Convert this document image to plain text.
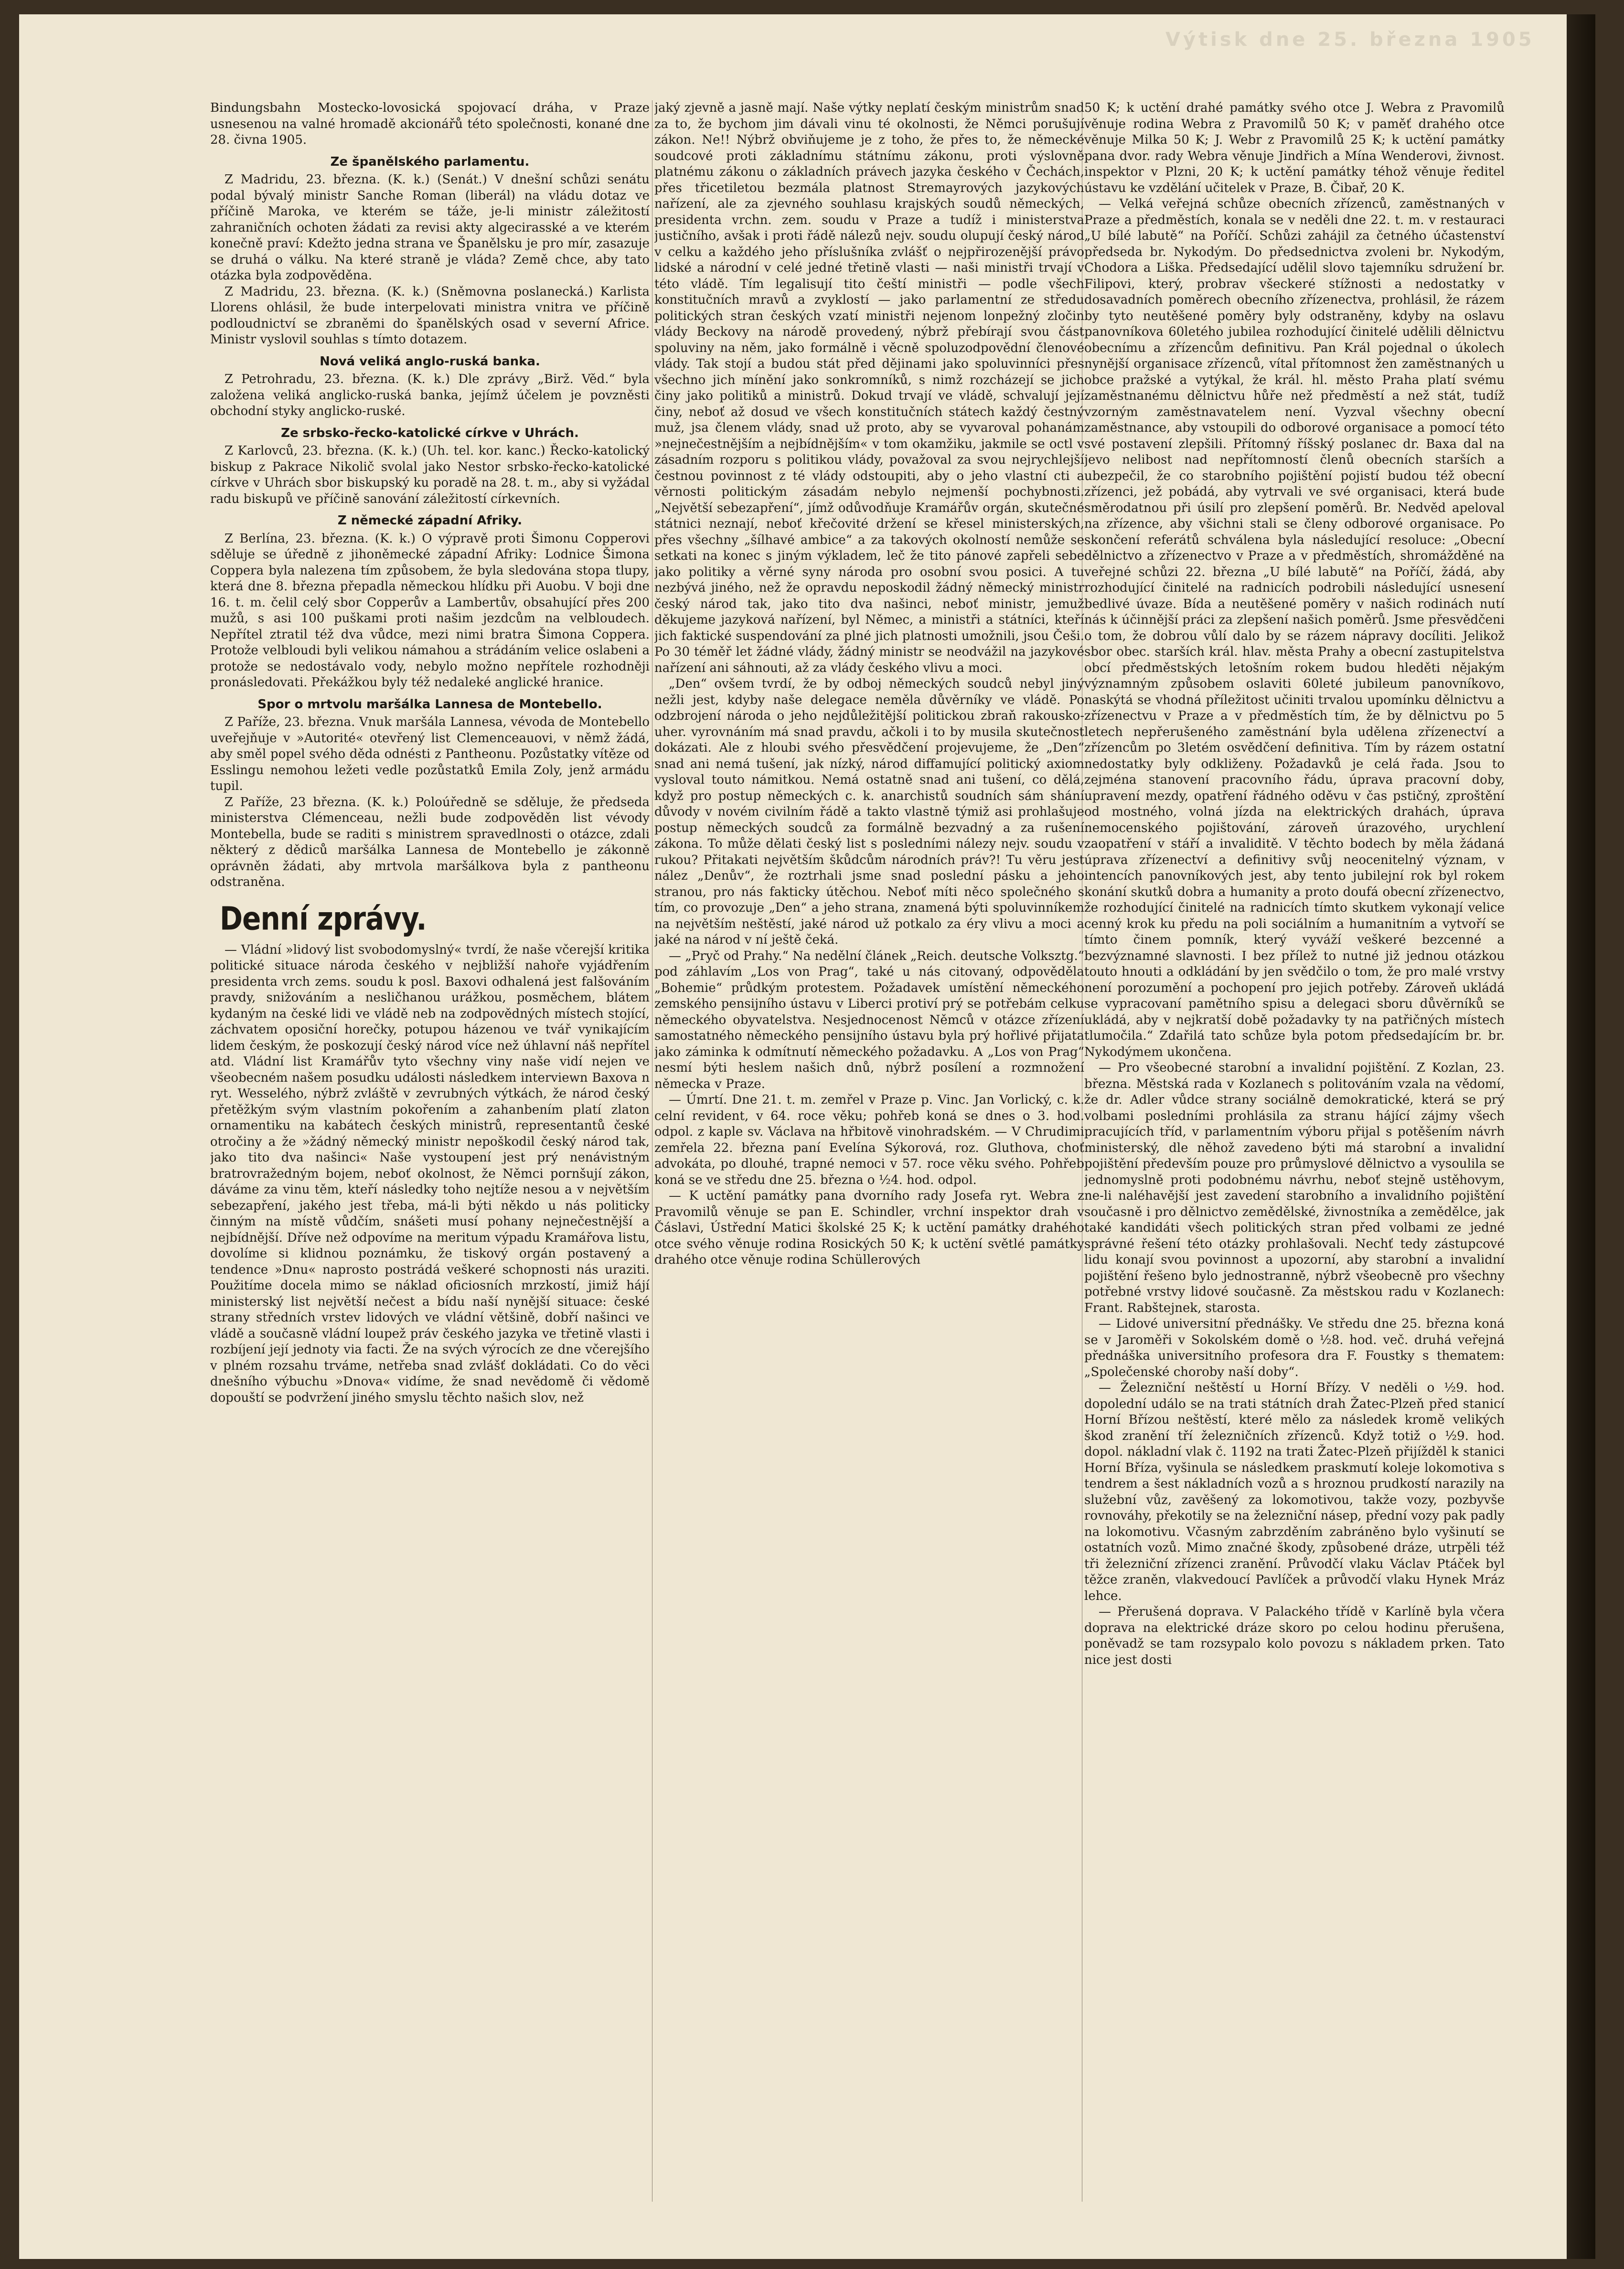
Výtisk dne 25. března 1905

Bindungsbahn Mostecko-lovosická spojovací dráha, v Praze usnesenou na valné hromadě akcionářů této společnosti, konané dne 28. čivna 1905.

Ze španělského parlamentu.

Z Madridu, 23. března. (K. k.) (Senát.) V dnešní schůzi senátu podal bývalý ministr Sanche Roman (liberál) na vládu dotaz ve příčině Maroka, ve kterém se táže, je-li ministr záležitostí zahraničních ochoten žádati za revisi akty algecirasské a ve kterém konečně praví: Kdežto jedna strana ve Španělsku je pro mír, zasazuje se druhá o válku. Na které straně je vláda? Země chce, aby tato otázka byla zodpověděna.

Z Madridu, 23. března. (K. k.) (Sněmovna poslanecká.) Karlista Llorens ohlásil, že bude interpelovati ministra vnitra ve příčině podloudnictví se zbraněmi do španělských osad v severní Africe. Ministr vyslovil souhlas s tímto dotazem.

Nová veliká anglo-ruská banka.

Z Petrohradu, 23. března. (K. k.) Dle zprávy „Birž. Věd.“ byla založena veliká anglicko-ruská banka, jejímž účelem je povzněsti obchodní styky anglicko-ruské.

Ze srbsko-řecko-katolické církve v Uhrách.

Z Karlovců, 23. března. (K. k.) (Uh. tel. kor. kanc.) Řecko-katolický biskup z Pakrace Nikolič svolal jako Nestor srbsko-řecko-katolické církve v Uhrách sbor biskupský ku poradě na 28. t. m., aby si vyžádal radu biskupů ve příčině sanování záležitostí církevních.

Z německé západní Afriky.

Z Berlína, 23. března. (K. k.) O výpravě proti Šimonu Copperovi sděluje se úředně z jihoněmecké západní Afriky: Lodnice Šimona Coppera byla nalezena tím způsobem, že byla sledována stopa tlupy, která dne 8. března přepadla německou hlídku při Auobu. V boji dne 16. t. m. čelil celý sbor Copperův a Lambertův, obsahující přes 200 mužů, s asi 100 puškami proti našim jezdcům na velbloudech. Nepřítel ztratil též dva vůdce, mezi nimi bratra Šimona Coppera. Protože velbloudi byli velikou námahou a strádáním velice oslabeni a protože se nedostávalo vody, nebylo možno nepřítele rozhodněji pronásledovati. Překážkou byly též nedaleké anglické hranice.

Spor o mrtvolu maršálka Lannesa de Montebello.

Z Paříže, 23. března. Vnuk maršála Lannesa, vévoda de Montebello uveřejňuje v »Autorité« otevřený list Clemenceauovi, v němž žádá, aby směl popel svého děda odnésti z Pantheonu. Pozůstatky vítěze od Esslingu nemohou ležeti vedle pozůstatků Emila Zoly, jenž armádu tupil.

Z Paříže, 23 března. (K. k.) Poloúředně se sděluje, že předseda ministerstva Clémenceau, nežli bude zodpověděn list vévody Montebella, bude se raditi s ministrem spravedlnosti o otázce, zdali některý z dědiců maršálka Lannesa de Montebello je zákonně oprávněn žádati, aby mrtvola maršálkova byla z pantheonu odstraněna.

Denní zprávy.

— Vládní »lidový list svobodomyslný« tvrdí, že naše včerejší kritika politické situace národa českého v nejbližší nahoře vyjádřením presidenta vrch zems. soudu k posl. Baxovi odhalená jest falšováním pravdy, snižováním a nesličhanou urážkou, posměchem, blátem kydaným na české lidi ve vládě neb na zodpovědných místech stojící, záchvatem oposiční horečky, potupou házenou ve tvář vynikajícím lidem českým, že poskozují český národ více než úhlavní náš nepřítel atd. Vládní list Kramářův tyto všechny viny naše vidí nejen ve všeobecném našem posudku události následkem interviewn Baxova n ryt. Wesselého, nýbrž zvláště v zevrubných výtkách, že národ český přetěžkým svým vlastním pokořením a zahanbením platí zlaton ornamentiku na kabátech českých ministrů, representantů české otročiny a že »žádný německý ministr nepoškodil český národ tak, jako tito dva našinci« Naše vystoupení jest prý nenávistným bratrovražedným bojem, neboť okolnost, že Němci pornšují zákon, dáváme za vinu těm, kteří následky toho nejtíže nesou a v největším sebezapření, jakého jest třeba, má-li býti někdo u nás politicky činným na místě vůdčím, snášeti musí pohany nejnečestnější a nejbídnější. Dříve než odpovíme na meritum výpadu Kramářova listu, dovolíme si klidnou poznámku, že tiskový orgán postavený a tendence »Dnu« naprosto postrádá veškeré schopnosti nás uraziti. Použitíme docela mimo se náklad oficiosních mrzkostí, jimiž hájí ministerský list největší nečest a bídu naší nynější situace: české strany středních vrstev lidových ve vládní většině, dobří našinci ve vládě a současně vládní loupež práv českého jazyka ve třetině vlasti i rozbíjení její jednoty via facti. Že na svých výrocích ze dne včerejšího v plném rozsahu trváme, netřeba snad zvlášť dokládati. Co do věci dnešního výbuchu »Dnova« vidíme, že snad nevědomě či vědomě dopouští se podvržení jiného smyslu těchto našich slov, než

jaký zjevně a jasně mají. Naše výtky neplatí českým ministrům snad za to, že bychom jim dávali vinu té okolnosti, že Němci porušují zákon. Ne!! Nýbrž obviňujeme je z toho, že přes to, že německé soudcové proti základnímu státnímu zákonu, proti výslovně platnému zákonu o základních právech jazyka českého v Čechách, přes třicetiletou bezmála platnost Stremayrových jazykových nařízení, ale za zjevného souhlasu krajských soudů německých, presidenta vrchn. zem. soudu v Praze a tudíž i ministerstva justičního, avšak i proti řádě nálezů nejv. soudu olupují český národ v celku a každého jeho příslušníka zvlášť o nejpřirozenější právo lidské a národní v celé jedné třetině vlasti — naši ministři trvají v této vládě. Tím legalisují tito čeští ministři — podle všech konstitučních mravů a zvyklostí — jako parlamentní ze středu politických stran českých vzatí ministři nejenom lonpežný zločin vlády Beckovy na národě provedený, nýbrž přebírají svou část spoluviny na něm, jako formálně i věcně spoluzodpovědní členové vlády. Tak stojí a budou stát před dějinami jako spoluvinníci přes všechno jich mínění jako sonkromníků, s nimž rozcházejí se jich činy jako politiků a ministrů. Dokud trvají ve vládě, schvalují její činy, neboť až dosud ve všech konstitučních státech každý čestný muž, jsa členem vlády, snad už proto, aby se vyvaroval pohanám »nejnečestnějším a nejbídnějším« v tom okamžiku, jakmile se octl v zásadním rozporu s politikou vlády, považoval za svou nejrychlejší čestnou povinnost z té vlády odstoupiti, aby o jeho vlastní cti a věrnosti politickým zásadám nebylo nejmenší pochybnosti. „Největší sebezapření“, jímž odůvodňuje Kramářův orgán, skutečné státnici neznají, neboť křečovité držení se křesel ministerských, přes všechny „šílhavé ambice“ a za takových okolností nemůže se setkati na konec s jiným výkladem, leč že tito pánové zapřeli sebe jako politiky a věrné syny národa pro osobní svou posici. A tu nezbývá jiného, než že opravdu neposkodil žádný německý ministr český národ tak, jako tito dva našinci, neboť ministr, jemuž děkujeme jazyková nařízení, byl Němec, a ministři a státníci, kteří jich faktické suspendování za plné jich platnosti umožnili, jsou Češi. Po 30 téměř let žádné vlády, žádný ministr se neodvážil na jazykové nařízení ani sáhnouti, až za vlády českého vlivu a moci.

„Den“ ovšem tvrdí, že by odboj německých soudců nebyl jiný nežli jest, kdyby naše delegace nemělа důvěrníky ve vládě. Po odzbrojení národa o jeho nejdůležitější politickou zbraň rakousko-uher. vyrovnáním má snad pravdu, ačkoli i to by musila skutečnost dokázati. Ale z hloubi svého přesvědčení projevujeme, že „Den“ snad ani nemá tušení, jak nízký, národ diffamující politický axiom vysloval touto námitkou. Nemá ostatně snad ani tušení, co dělá, když pro postup německých c. k. anarchistů soudních sám shání důvody v novém civilním řádě a takto vlastně týmiž asi prohlašuje postup německých soudců za formálně bezvadný a za rušení zákona. To může dělati český list s posledními nálezy nejv. soudu v rukou? Přitakati největším škůdcům národních práv?! Tu věru jest nález „Denův“, že roztrhali jsme snad poslední pásku a jeho stranou, pro nás fakticky útěchou. Neboť míti něco společného s tím, co provozuje „Den“ a jeho strana, znamená býti spoluvinníkem na největším neštěstí, jaké národ už potkalo za éry vlivu a moci a jaké na národ v ní ještě čeká.

— „Pryč od Prahy.“ Na nedělní článek „Reich. deutsche Volksztg.“ pod záhlavím „Los von Prag“, také u nás citovaný, odpověděla „Bohemie“ průdkým protestem. Požadavek umístění německého zemského pensijního ústavu v Liberci protiví prý se potřebám celku německého obyvatelstva. Nesjednocenost Němců v otázce zřízení samostatného německého pensijního ústavu byla prý hořlivé přijata jako záminka k odmítnutí německého požadavku. A „Los von Prag“ nesmí býti heslem našich dnů, nýbrž posílení a rozmnožení německa v Praze.

— Úmrtí. Dne 21. t. m. zemřel v Praze p. Vinc. Jan Vorlický, c. k. celní revident, v 64. roce věku; pohřeb koná se dnes o 3. hod. odpol. z kaple sv. Václava na hřbitově vinohradském. — V Chrudimi zemřela 22. března paní Evelína Sýkorová, roz. Gluthova, choť advokáta, po dlouhé, trapné nemoci v 57. roce věku svého. Pohřeb koná se ve středu dne 25. března o ½4. hod. odpol.

— K uctění památky pana dvorního rady Josefa ryt. Webra z Pravomilů věnuje se pan E. Schindler, vrchní inspektor drah v Čáslavi, Ústřední Matici školské 25 K; k uctění památky drahého otce svého věnuje rodina Rosických 50 K; k uctění světlé památky drahého otce věnuje rodina Schüllerových

50 K; k uctění drahé památky svého otce J. Webra z Pravomilů věnuje rodina Webra z Pravomilů 50 K; v paměť drahého otce věnuje Milka 50 K; J. Webr z Pravomilů 25 K; k uctění památky pana dvor. rady Webra věnuje Jindřich a Mína Wenderovi, živnost. inspektor v Plzni, 20 K; k uctění památky téhož věnuje ředitel ústavu ke vzdělání učitelek v Praze, B. Čibař, 20 K.

— Velká veřejná schůze obecních zřízenců, zaměstnaných v Praze a předměstích, konala se v neděli dne 22. t. m. v restauraci „U bílé labutě“ na Poříčí. Schůzi zahájil za četného účastenství předseda br. Nykodým. Do předsednictva zvoleni br. Nykodým, Chodora a Liška. Předsedající udělil slovo tajemníku sdružení br. Filipovi, který, probrav všeckeré stížnosti a nedostatky v dosavadních poměrech obecního zřízenectva, prohlásil, že rázem by tyto neutěšené poměry byly odstraněny, kdyby na oslavu panovníkova 60letého jubilea rozhodující činitelé udělili dělnictvu obecnímu a zřízencům definitivu. Pan Král pojednal o úkolech nynější organisace zřízenců, vítal přítomnost žen zaměstnaných u obce pražské a vytýkal, že král. hl. město Praha platí svému zaměstnanému dělnictvu hůře než předměstí a než stát, tudíž vzorným zaměstnavatelem není. Vyzval všechny obecní zaměstnance, aby vstoupili do odborové organisace a pomocí této své postavení zlepšili. Přítomný říšský poslanec dr. Baxa dal na jevo nelibost nad nepřítomností členů obecních starších a ubezpečil, že co starobního pojištění pojistí budou též obecní zřízenci, jež pobádá, aby vytrvali ve své organisaci, která bude směrodatnou při úsilí pro zlepšení poměrů. Br. Nedvěd apeloval na zřízence, aby všichni stali se členy odborové organisace. Po skončení referátů schválena byla následující resoluce: „Obecní dělnictvo a zřízenectvo v Praze a v předměstích, shromážděné na veřejné schůzi 22. března „U bílé labutě“ na Poříčí, žádá, aby rozhodující činitelé na radnicích podrobili následující usnesení bedlivé úvaze. Bída a neutěšené poměry v našich rodinách nutí nás k účinnější práci za zlepšení našich poměrů. Jsme přesvědčeni o tom, že dobrou vůlí dalo by se rázem nápravy docíliti. Jelikož sbor obec. starších král. hlav. města Prahy a obecní zastupitelstva obcí předměstských letošním rokem budou hleděti nějakým významným způsobem oslaviti 60leté jubileum panovníkovo, naskýtá se vhodná příležitost učiniti trvalou upomínku dělnictvu a zřízenectvu v Praze a v předměstích tím, že by dělnictvu po 5 letech nepřerušeného zaměstnání byla udělena zřízenectví a zřízencům po 3letém osvědčení definitiva. Tím by rázem ostatní nedostatky byly odkliženy. Požadavků je celá řada. Jsou to zejména stanovení pracovního řádu, úprava pracovní doby, upravení mezdy, opatření řádného oděvu v čas pstičný, zproštění od mostného, volná jízda na elektrických drahách, úprava nemocenského pojištování, zároveň úrazového, urychlení zaopatření v stáří a invaliditě. V těchto bodech by měla žádaná úprava zřízenectví a definitivy svůj neocenitelný význam, v intencích panovníkových jest, aby tento jubilejní rok byl rokem konání skutků dobra a humanity a proto doufá obecní zřízenectvo, že rozhodující činitelé na radnicích tímto skutkem vykonají velice cenný krok ku předu na poli sociálním a humanitním a vytvoří se tímto činem pomník, který vyváží veškeré bezcenné a bezvýznamné slavnosti. I bez přílež to nutné již jednou otázkou touto hnouti a odkládání by jen svědčilo o tom, že pro malé vrstvy není porozumění a pochopení pro jejich potřeby. Zároveň ukládá se vypracovaní pamětního spisu a delegaci sboru důvěrníků se ukládá, aby v nejkratší době požadavky ty na patřičných místech tlumočila.“ Zdařilá tato schůze byla potom předsedajícím br. br. Nykodýmem ukončena.

— Pro všeobecné starobní a invalidní pojištění. Z Kozlan, 23. března. Městská rada v Kozlanech s politováním vzala na vědomí, že dr. Adler vůdce strany sociálně demokratické, která se prý volbami posledními prohlásila za stranu hájící zájmy všech pracujících tříd, v parlamentním výboru přijal s potěšením návrh ministerský, dle něhož zavedeno býti má starobní a invalidní pojištění především pouze pro průmyslové dělnictvo a vysoulila se jednomyslně proti podobnému návrhu, neboť stejně ustěhovym, ne-li naléhavější jest zavedení starobního a invalidního pojištění současně i pro dělnictvo zemědělské, živnostníka a zemědělce, jak také kandidáti všech politických stran před volbami ze jedné správné řešení této otázky prohlašovali. Nechť tedy zástupcové lidu konají svou povinnost a upozorní, aby starobní a invalidní pojištění řešeno bylo jednostranně, nýbrž všeobecně pro všechny potřebné vrstvy lidové současně. Za městskou radu v Kozlanech: Frant. Rabštejnek, starosta.

— Lidové universitní přednášky. Ve středu dne 25. března koná se v Jaroměři v Sokolském domě o ½8. hod. več. druhá veřejná přednáška universitního profesora dra F. Foustky s thematem: „Společenské choroby naší doby“.

— Železniční neštěstí u Horní Břízy. V neděli o ½9. hod. dopolední událo se na trati státních drah Žatec-Plzeň před stanicí Horní Břízou neštěstí, které mělo za následek kromě velikých škod zranění tří železničních zřízenců. Když totiž o ½9. hod. dopol. nákladní vlak č. 1192 na trati Žatec-Plzeň přijížděl k stanici Horní Bříza, vyšinula se následkem praskmutí koleje lokomotiva s tendrem a šest nákladních vozů a s hroznou prudkostí narazily na služební vůz, zavěšený za lokomotivou, takže vozy, pozbyvše rovnováhy, překotily se na železniční násep, přední vozy pak padly na lokomotivu. Včasným zabrzděním zabráněno bylo vyšinutí se ostatních vozů. Mimo značné škody, způsobené dráze, utrpěli též tři železniční zřízenci zranění. Průvodčí vlaku Václav Ptáček byl těžce zraněn, vlakvedoucí Pavlíček a průvodčí vlaku Hynek Mráz lehce.

— Přerušená doprava. V Palackého třídě v Karlíně byla včera doprava na elektrické dráze skoro po celou hodinu přerušena, poněvadž se tam rozsypalo kolo povozu s nákladem prken. Tato nice jest dosti
